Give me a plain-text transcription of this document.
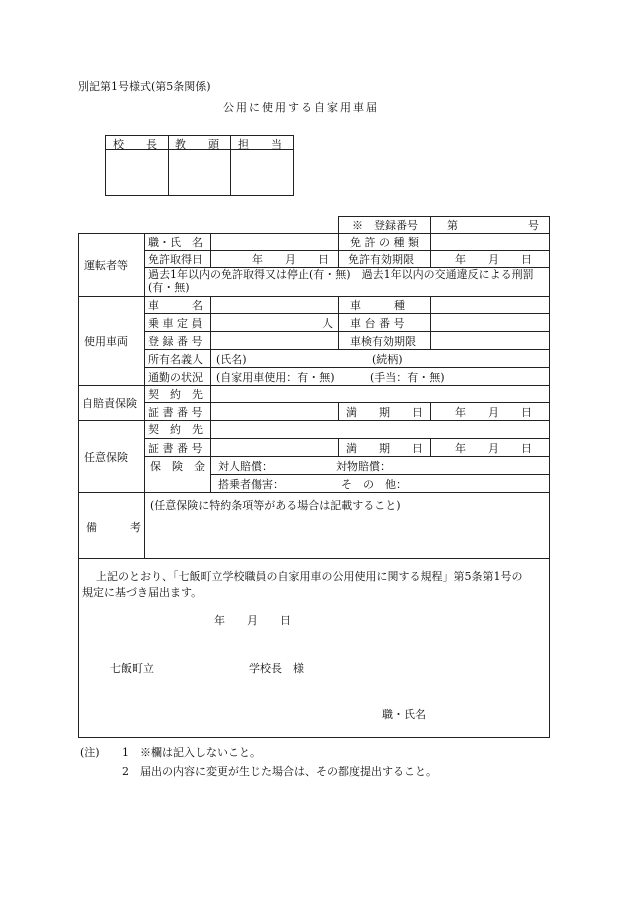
別記第1号様式(第5条関係)
公用に使用する自家用車届
校　　長 教　　頭 担　　当
※　登録番号	第	号
運転者等
職・氏　名	免 許 の 種 類
免許取得日	年　　月　　日 免許有効期限	年　　月　　日
過去1年以内の免許取得又は停止(有・無)　過去1年以内の交通違反による刑罰(有・無)
使用車両
車　　　名	車　　　種
乗 車 定 員	人 車 台 番 号
登 録 番 号	車検有効期限
所有名義人 (氏名)	(続柄)
通勤の状況 (自家用車使用：有・無)	(手当：有・無)
自賠責保険
契　約　先
証 書 番 号	満　　期　　日	年　　月　　日
任意保険
契　約　先
証 書 番 号	満　　期　　日	年　　月　　日
保　険　金 対人賠償：	対物賠償：
搭乗者傷害：	そ　の　他：
備　　　考
(任意保険に特約条項等がある場合は記載すること)
上記のとおり、「七飯町立学校職員の自家用車の公用使用に関する規程」第5条第1号の
規定に基づき届出ます。
年　　月　　日
七飯町立	学校長　様
職・氏名
(注) 1　※欄は記入しないこと。
2　届出の内容に変更が生じた場合は、その都度提出すること。
